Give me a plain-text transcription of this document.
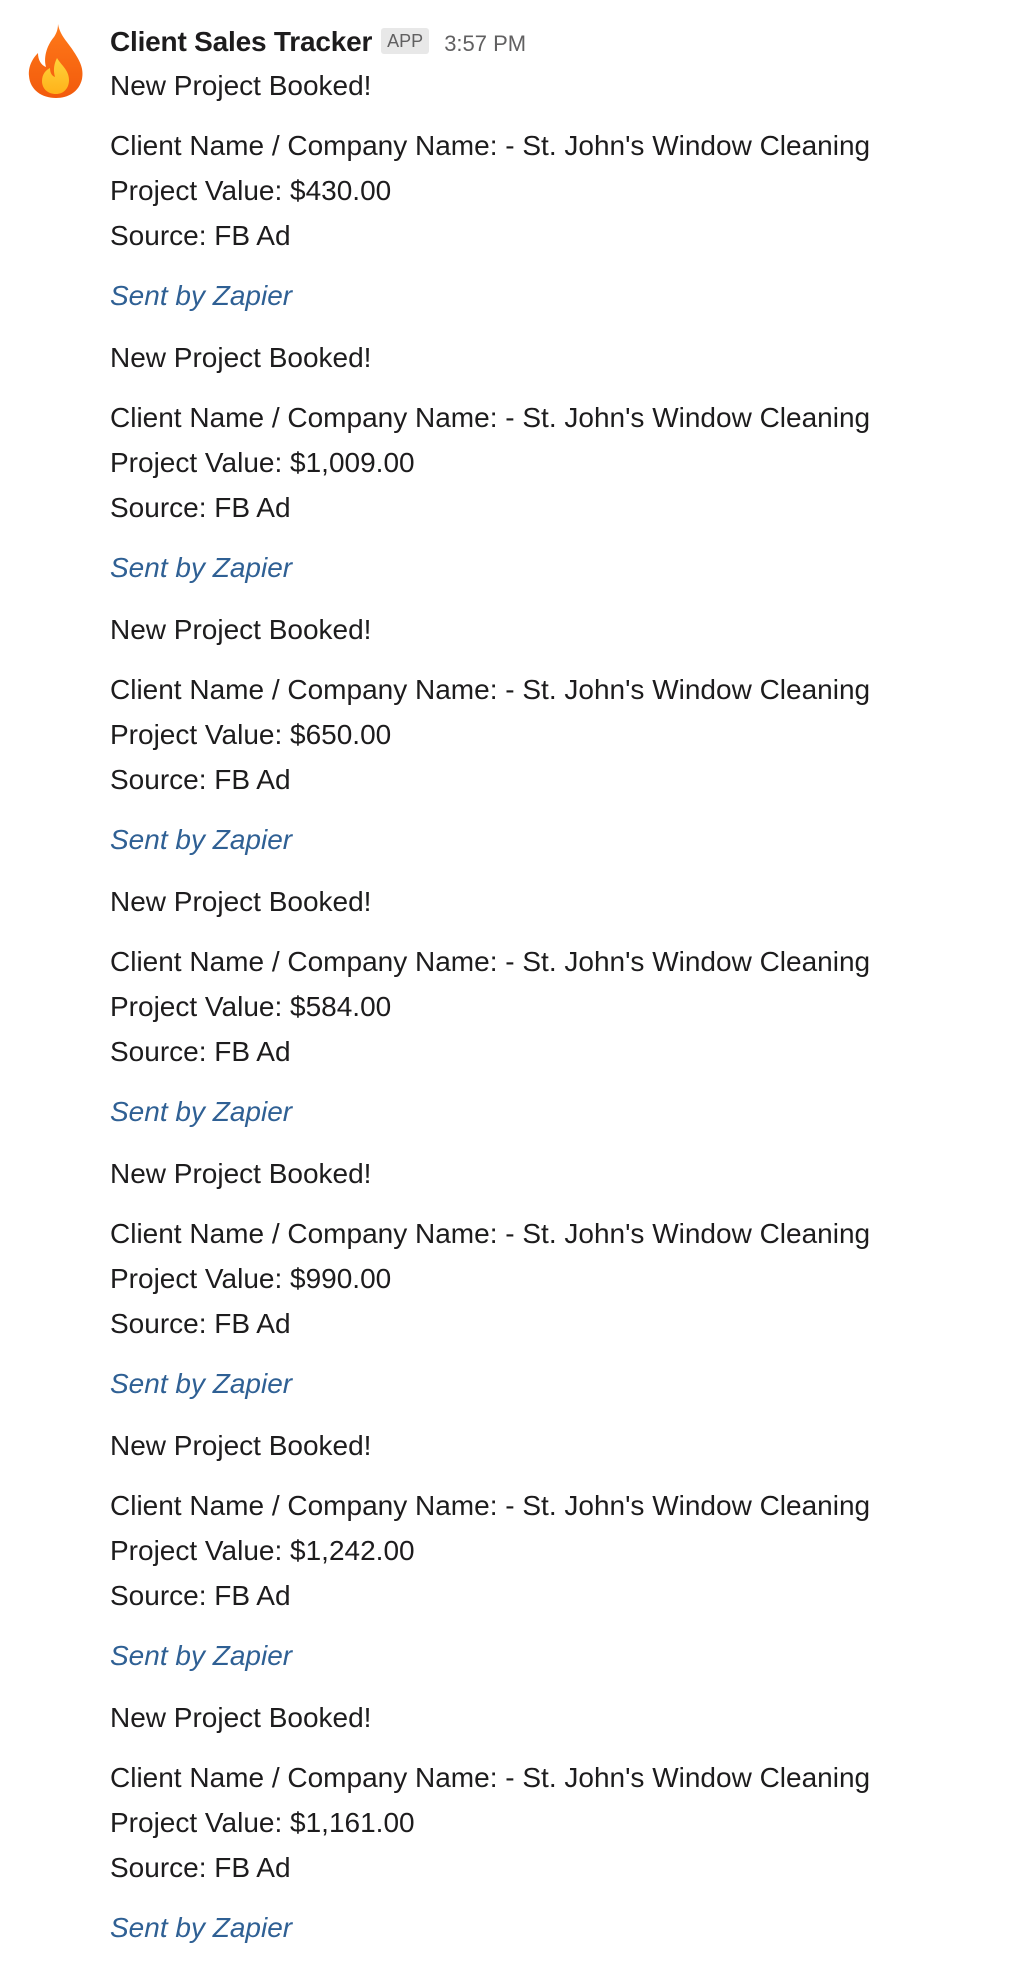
Client Sales Tracker APP 3:57 PM
New Project Booked!
Client Name / Company Name: - St. John's Window Cleaning
Project Value: $430.00
Source: FB Ad
Sent by Zapier
New Project Booked!
Client Name / Company Name: - St. John's Window Cleaning
Project Value: $1,009.00
Source: FB Ad
Sent by Zapier
New Project Booked!
Client Name / Company Name: - St. John's Window Cleaning
Project Value: $650.00
Source: FB Ad
Sent by Zapier
New Project Booked!
Client Name / Company Name: - St. John's Window Cleaning
Project Value: $584.00
Source: FB Ad
Sent by Zapier
New Project Booked!
Client Name / Company Name: - St. John's Window Cleaning
Project Value: $990.00
Source: FB Ad
Sent by Zapier
New Project Booked!
Client Name / Company Name: - St. John's Window Cleaning
Project Value: $1,242.00
Source: FB Ad
Sent by Zapier
New Project Booked!
Client Name / Company Name: - St. John's Window Cleaning
Project Value: $1,161.00
Source: FB Ad
Sent by Zapier
